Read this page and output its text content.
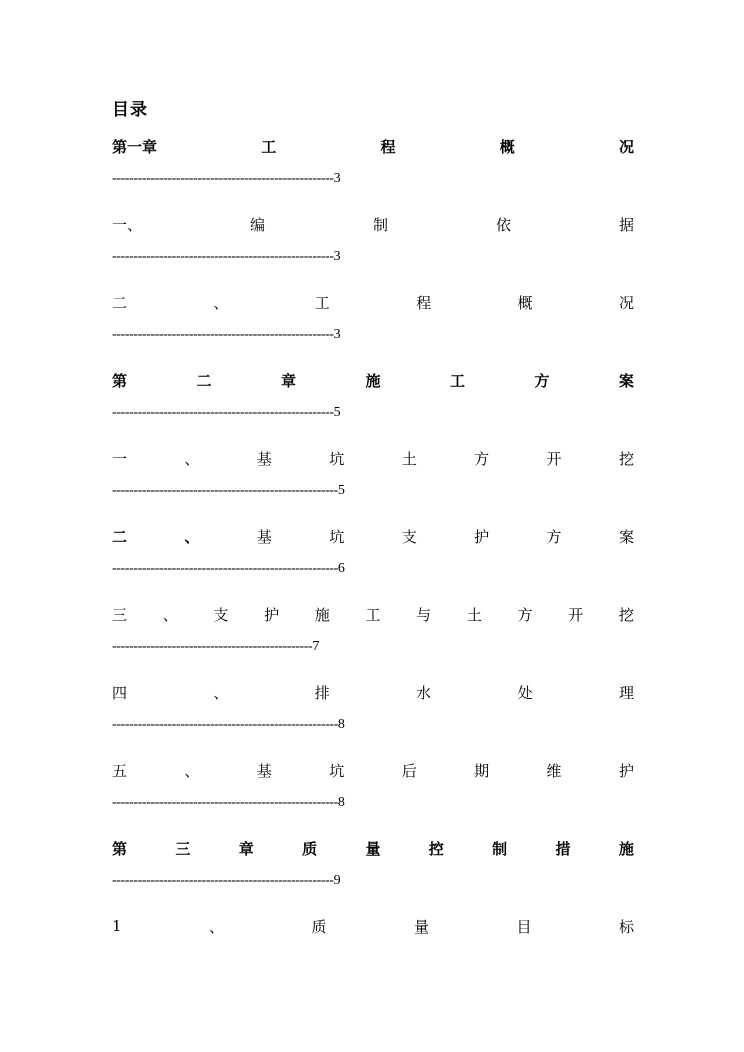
目录
第一章	工	程	概	况
----------------------------------------------------3
一、	编	制	依	据
----------------------------------------------------3
二	、	工	程	概	况
----------------------------------------------------3
第	二	章	施	工	方	案
----------------------------------------------------5
一	、	基	坑	土	方	开	挖
-----------------------------------------------------5
二	、	基	坑	支	护	方	案
-----------------------------------------------------6
三 、 支 护 施 工 与 土 方 开 挖
-----------------------------------------------7
四	、	排	水	处	理
-----------------------------------------------------8
五	、	基	坑	后	期	维	护
-----------------------------------------------------8
第	三	章	质	量	控	制	措	施
----------------------------------------------------9
1	、	质	量	目	标
